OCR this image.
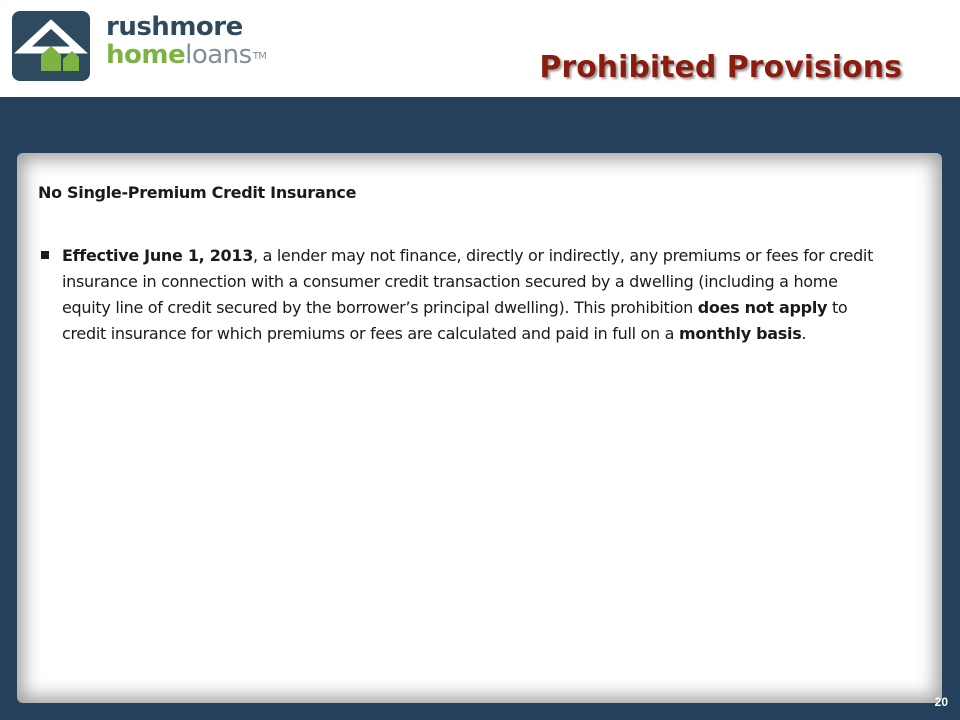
rushmore
homeloans™	Prohibited Provisions
No Single-Premium Credit Insurance
Effective June 1, 2013, a lender may not finance, directly or indirectly, any premiums or fees for credit insurance in connection with a consumer credit transaction secured by a dwelling (including a home equity line of credit secured by the borrower’s principal dwelling). This prohibition does not apply to credit insurance for which premiums or fees are calculated and paid in full on a monthly basis.
20
